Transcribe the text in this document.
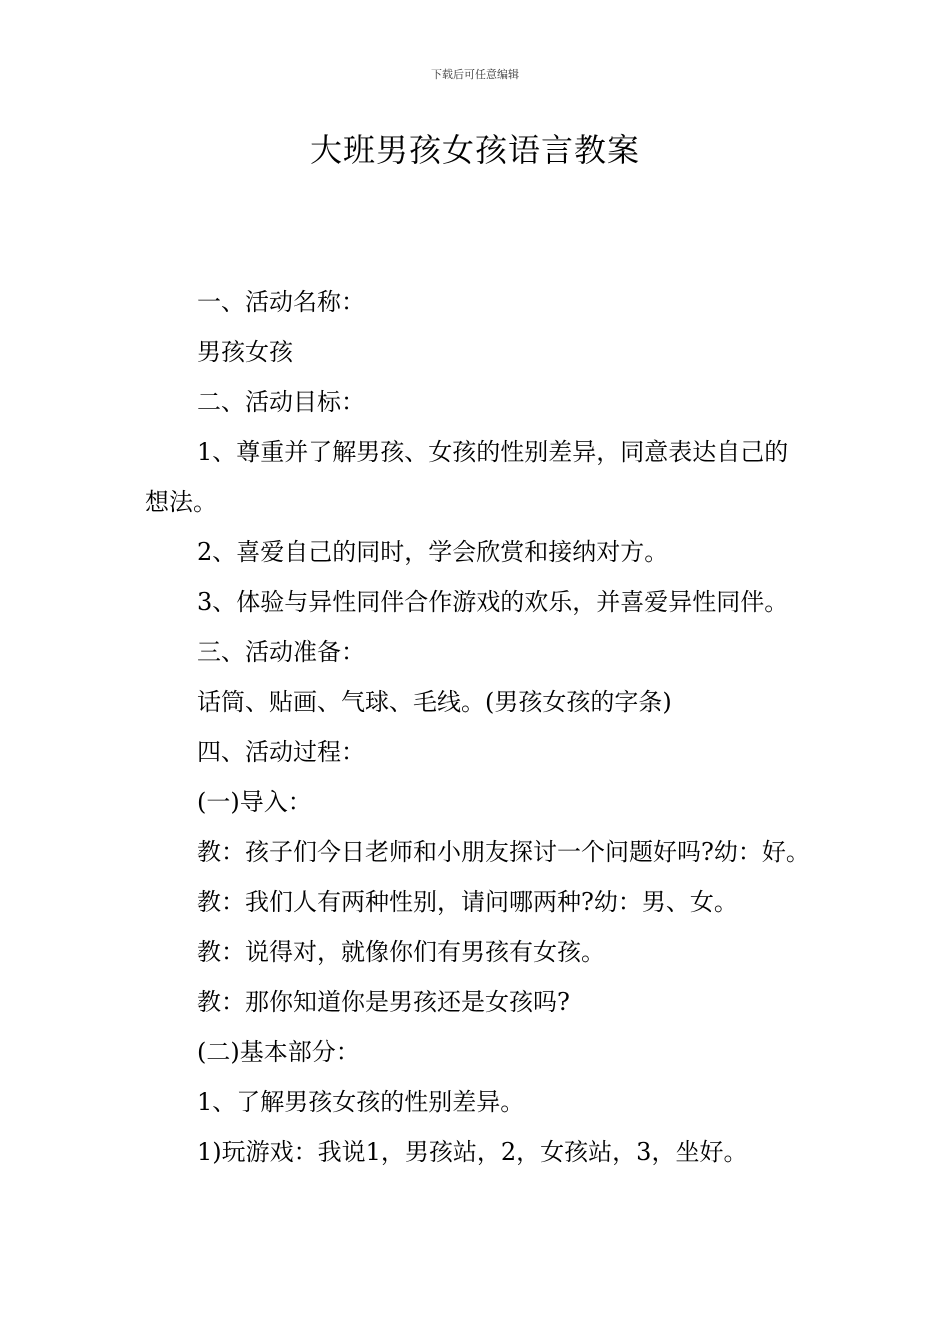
下载后可任意编辑
大班男孩女孩语言教案

一、活动名称：

男孩女孩

二、活动目标：

1、尊重并了解男孩、女孩的性别差异，同意表达自己的想法。

2、喜爱自己的同时，学会欣赏和接纳对方。

3、体验与异性同伴合作游戏的欢乐，并喜爱异性同伴。

三、活动准备：

话筒、贴画、气球、毛线。(男孩女孩的字条)

四、活动过程：

(一)导入：

教：孩子们今日老师和小朋友探讨一个问题好吗?幼：好。

教：我们人有两种性别，请问哪两种?幼：男、女。

教：说得对，就像你们有男孩有女孩。

教：那你知道你是男孩还是女孩吗?

(二)基本部分：

1、了解男孩女孩的性别差异。

1)玩游戏：我说1，男孩站，2，女孩站，3，坐好。
